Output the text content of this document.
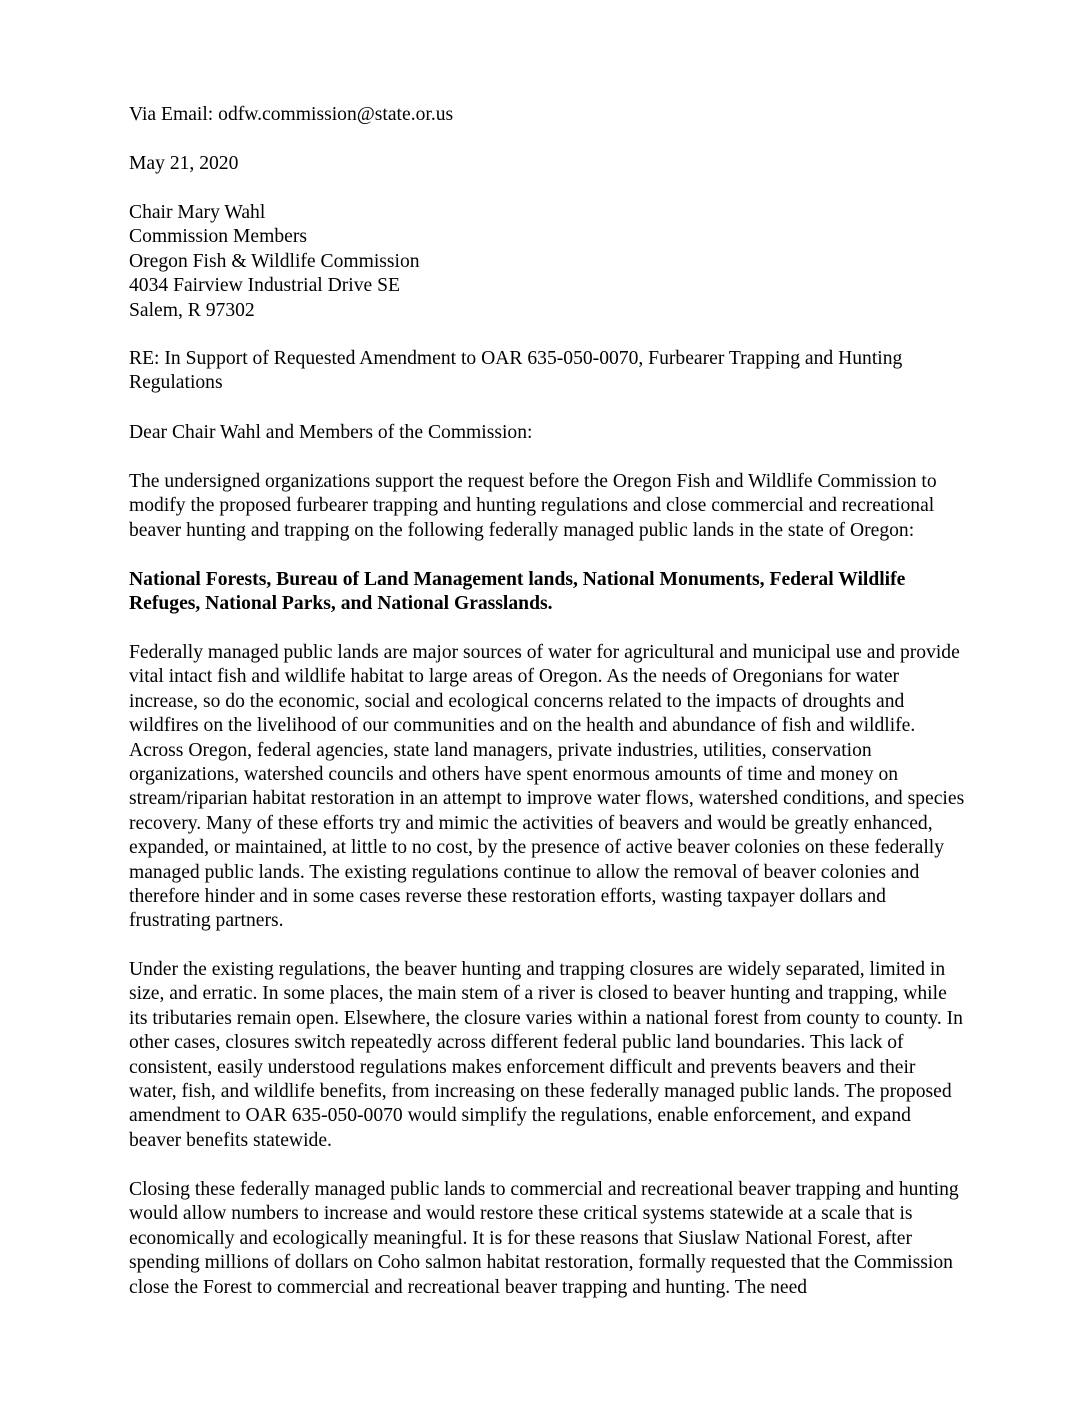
Via Email: odfw.commission@state.or.us

May 21, 2020

Chair Mary Wahl
Commission Members
Oregon Fish & Wildlife Commission
4034 Fairview Industrial Drive SE
Salem, R 97302

RE: In Support of Requested Amendment to OAR 635-050-0070, Furbearer Trapping and Hunting Regulations

Dear Chair Wahl and Members of the Commission:

The undersigned organizations support the request before the Oregon Fish and Wildlife Commission to modify the proposed furbearer trapping and hunting regulations and close commercial and recreational beaver hunting and trapping on the following federally managed public lands in the state of Oregon:

National Forests, Bureau of Land Management lands, National Monuments, Federal Wildlife Refuges, National Parks, and National Grasslands.

Federally managed public lands are major sources of water for agricultural and municipal use and provide vital intact fish and wildlife habitat to large areas of Oregon. As the needs of Oregonians for water increase, so do the economic, social and ecological concerns related to the impacts of droughts and wildfires on the livelihood of our communities and on the health and abundance of fish and wildlife. Across Oregon, federal agencies, state land managers, private industries, utilities, conservation organizations, watershed councils and others have spent enormous amounts of time and money on stream/riparian habitat restoration in an attempt to improve water flows, watershed conditions, and species recovery. Many of these efforts try and mimic the activities of beavers and would be greatly enhanced, expanded, or maintained, at little to no cost, by the presence of active beaver colonies on these federally managed public lands. The existing regulations continue to allow the removal of beaver colonies and therefore hinder and in some cases reverse these restoration efforts, wasting taxpayer dollars and frustrating partners.

Under the existing regulations, the beaver hunting and trapping closures are widely separated, limited in size, and erratic. In some places, the main stem of a river is closed to beaver hunting and trapping, while its tributaries remain open. Elsewhere, the closure varies within a national forest from county to county. In other cases, closures switch repeatedly across different federal public land boundaries. This lack of consistent, easily understood regulations makes enforcement difficult and prevents beavers and their water, fish, and wildlife benefits, from increasing on these federally managed public lands. The proposed amendment to OAR 635-050-0070 would simplify the regulations, enable enforcement, and expand beaver benefits statewide.

Closing these federally managed public lands to commercial and recreational beaver trapping and hunting would allow numbers to increase and would restore these critical systems statewide at a scale that is economically and ecologically meaningful. It is for these reasons that Siuslaw National Forest, after spending millions of dollars on Coho salmon habitat restoration, formally requested that the Commission close the Forest to commercial and recreational beaver trapping and hunting. The need
